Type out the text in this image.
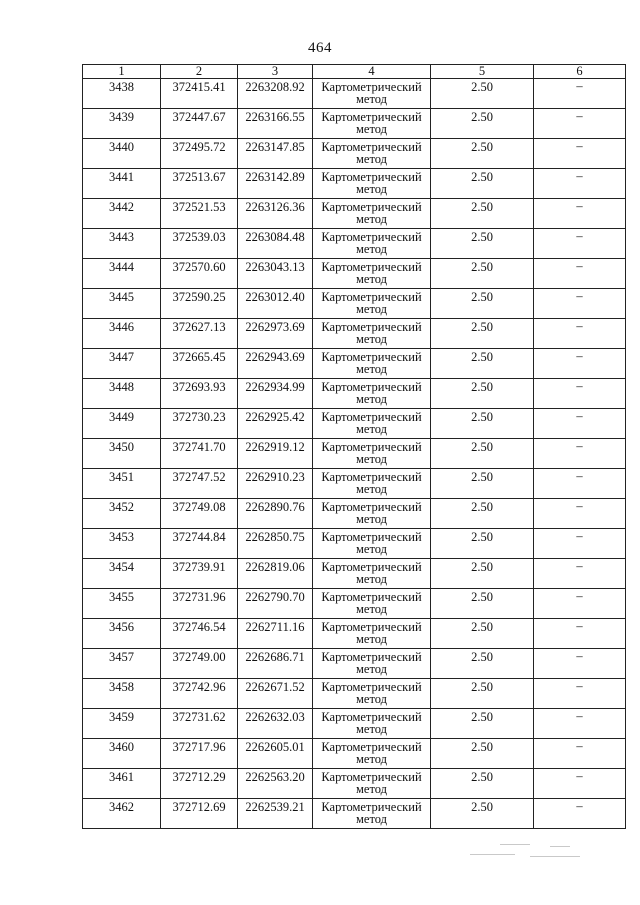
464
1	2	3	4	5	6

3438	372415.41	2263208.92	Картометрический метод	2.50	–

3439	372447.67	2263166.55	Картометрический метод	2.50	–

3440	372495.72	2263147.85	Картометрический метод	2.50	–

3441	372513.67	2263142.89	Картометрический метод	2.50	–

3442	372521.53	2263126.36	Картометрический метод	2.50	–

3443	372539.03	2263084.48	Картометрический метод	2.50	–

3444	372570.60	2263043.13	Картометрический метод	2.50	–

3445	372590.25	2263012.40	Картометрический метод	2.50	–

3446	372627.13	2262973.69	Картометрический метод	2.50	–

3447	372665.45	2262943.69	Картометрический метод	2.50	–

3448	372693.93	2262934.99	Картометрический метод	2.50	–

3449	372730.23	2262925.42	Картометрический метод	2.50	–

3450	372741.70	2262919.12	Картометрический метод	2.50	–

3451	372747.52	2262910.23	Картометрический метод	2.50	–

3452	372749.08	2262890.76	Картометрический метод	2.50	–

3453	372744.84	2262850.75	Картометрический метод	2.50	–

3454	372739.91	2262819.06	Картометрический метод	2.50	–

3455	372731.96	2262790.70	Картометрический метод	2.50	–

3456	372746.54	2262711.16	Картометрический метод	2.50	–

3457	372749.00	2262686.71	Картометрический метод	2.50	–

3458	372742.96	2262671.52	Картометрический метод	2.50	–

3459	372731.62	2262632.03	Картометрический метод	2.50	–

3460	372717.96	2262605.01	Картометрический метод	2.50	–

3461	372712.29	2262563.20	Картометрический метод	2.50	–

3462	372712.69	2262539.21	Картометрический метод	2.50	–
